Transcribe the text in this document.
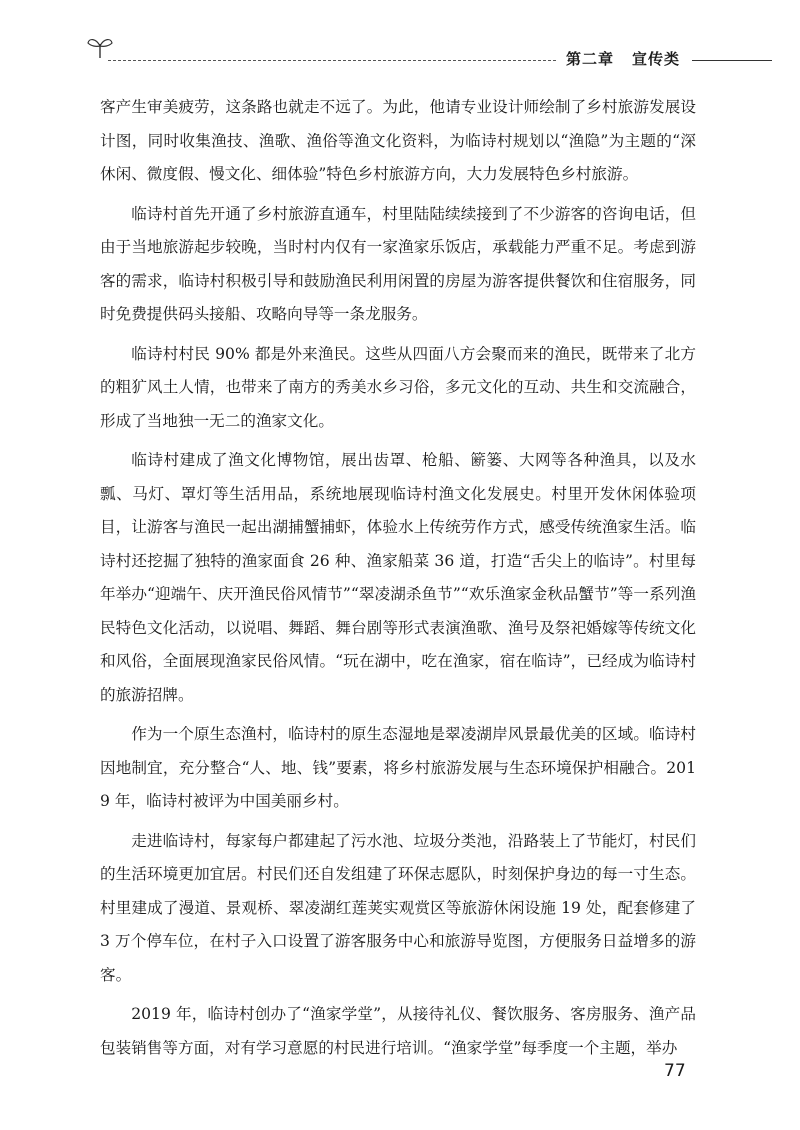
第二章 宣传类

客产生审美疲劳，这条路也就走不远了。为此，他请专业设计师绘制了乡村旅游发展设计图，同时收集渔技、渔歌、渔俗等渔文化资料，为临诗村规划以“渔隐”为主题的“深休闲、微度假、慢文化、细体验”特色乡村旅游方向，大力发展特色乡村旅游。

临诗村首先开通了乡村旅游直通车，村里陆陆续续接到了不少游客的咨询电话，但由于当地旅游起步较晚，当时村内仅有一家渔家乐饭店，承载能力严重不足。考虑到游客的需求，临诗村积极引导和鼓励渔民利用闲置的房屋为游客提供餐饮和住宿服务，同时免费提供码头接船、攻略向导等一条龙服务。

临诗村村民 90% 都是外来渔民。这些从四面八方会聚而来的渔民，既带来了北方的粗犷风土人情，也带来了南方的秀美水乡习俗，多元文化的互动、共生和交流融合，形成了当地独一无二的渔家文化。

临诗村建成了渔文化博物馆，展出齿罩、枪船、簖篓、大网等各种渔具，以及水瓢、马灯、罩灯等生活用品，系统地展现临诗村渔文化发展史。村里开发休闲体验项目，让游客与渔民一起出湖捕蟹捕虾，体验水上传统劳作方式，感受传统渔家生活。临诗村还挖掘了独特的渔家面食 26 种、渔家船菜 36 道，打造“舌尖上的临诗”。村里每年举办“迎端午、庆开渔民俗风情节”“翠凌湖杀鱼节”“欢乐渔家金秋品蟹节”等一系列渔民特色文化活动，以说唱、舞蹈、舞台剧等形式表演渔歌、渔号及祭祀婚嫁等传统文化和风俗，全面展现渔家民俗风情。“玩在湖中，吃在渔家，宿在临诗”，已经成为临诗村的旅游招牌。

作为一个原生态渔村，临诗村的原生态湿地是翠凌湖岸风景最优美的区域。临诗村因地制宜，充分整合“人、地、钱”要素，将乡村旅游发展与生态环境保护相融合。2019 年，临诗村被评为中国美丽乡村。

走进临诗村，每家每户都建起了污水池、垃圾分类池，沿路装上了节能灯，村民们的生活环境更加宜居。村民们还自发组建了环保志愿队，时刻保护身边的每一寸生态。村里建成了漫道、景观桥、翠凌湖红莲荚实观赏区等旅游休闲设施 19 处，配套修建了 3 万个停车位，在村子入口设置了游客服务中心和旅游导览图，方便服务日益增多的游客。

2019 年，临诗村创办了“渔家学堂”，从接待礼仪、餐饮服务、客房服务、渔产品包装销售等方面，对有学习意愿的村民进行培训。“渔家学堂”每季度一个主题，举办

77
